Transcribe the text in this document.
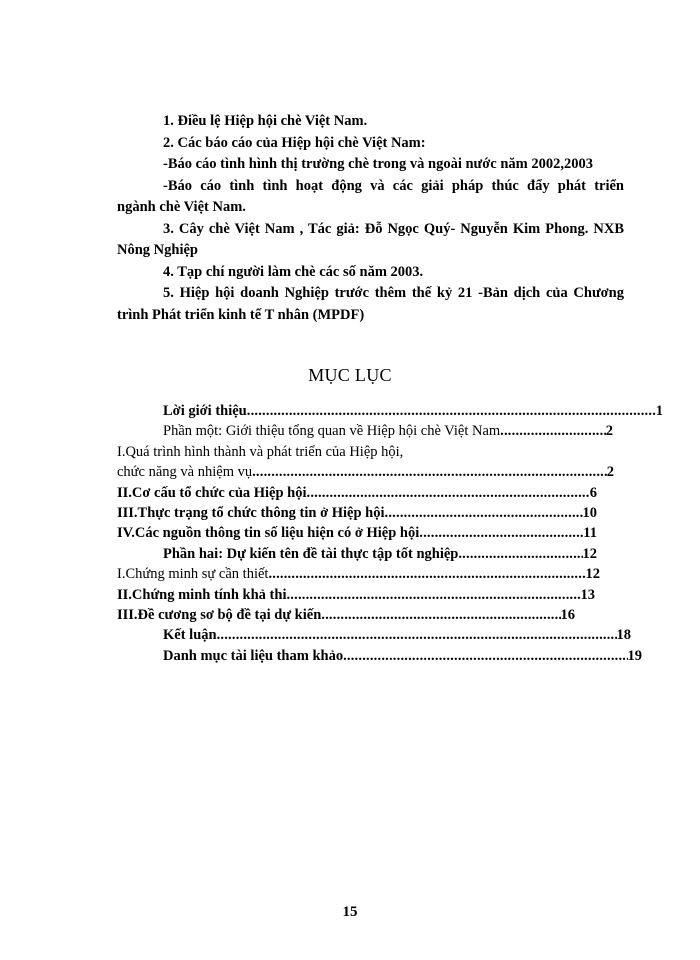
1. Điều lệ Hiệp hội chè Việt Nam.
2. Các báo cáo của Hiệp hội chè Việt Nam:
-Báo cáo tình hình thị trường chè trong và ngoài nước năm 2002,2003
-Báo cáo tình tình hoạt động và các giải pháp thúc đẩy phát triển
ngành chè Việt Nam.
3. Cây chè Việt Nam , Tác giả: Đỗ Ngọc Quý- Nguyễn Kim Phong. NXB
Nông Nghiệp
4. Tạp chí người làm chè các số năm 2003.
5. Hiệp hội doanh Nghiệp trước thêm thế kỷ 21 -Bản dịch của Chương
trình Phát triển kinh tế T nhân (MPDF)
MỤC LỤC
Lời giới thiệu .....	1
Phần một: Giới thiệu tổng quan về Hiệp hội chè Việt Nam .....	2
I.Quá trình hình thành và phát triển của Hiệp hội,
chức năng và nhiệm vụ .....	2
II.Cơ cấu tổ chức của Hiệp hội .....	6
III.Thực trạng tổ chức thông tin ở Hiệp hội .....	10
IV.Các nguồn thông tin số liệu hiện có ở Hiệp hội .....	11
Phần hai: Dự kiến tên đề tài thực tập tốt nghiệp .....	12
I.Chứng minh sự cần thiết .....	12
II.Chứng minh tính khả thi .....	13
III.Đề cương sơ bộ đề tại dự kiến .....	16
Kết luận .....	18
Danh mục tài liệu tham khảo .....	19
15
